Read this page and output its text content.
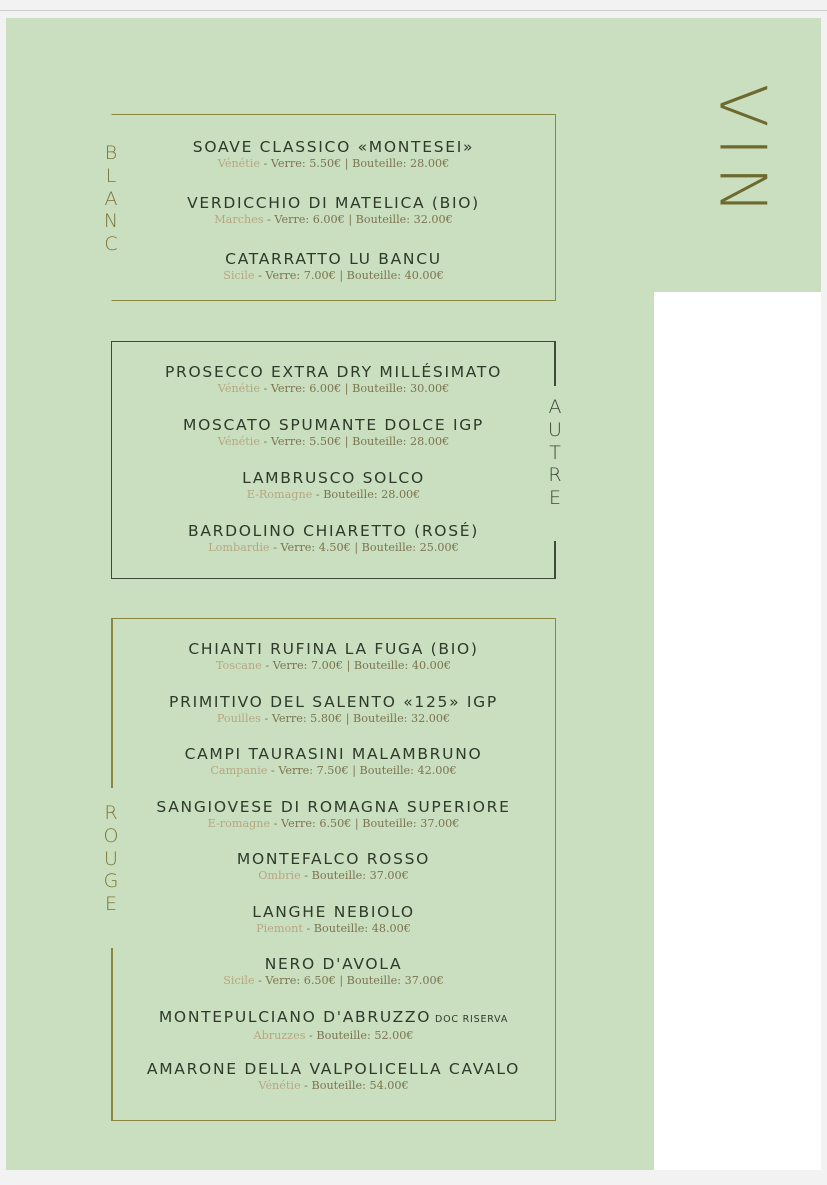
B
L
A
N
C
SOAVE CLASSICO «MONTESEI»
Vénétie - Verre: 5.50€ | Bouteille: 28.00€
VERDICCHIO DI MATELICA (BIO)
Marches - Verre: 6.00€ | Bouteille: 32.00€
CATARRATTO LU BANCU
Sicile - Verre: 7.00€ | Bouteille: 40.00€
A
U
T
R
E
PROSECCO EXTRA DRY MILLÉSIMATO
Vénétie - Verre: 6.00€ | Bouteille: 30.00€
MOSCATO SPUMANTE DOLCE IGP
Vénétie - Verre: 5.50€ | Bouteille: 28.00€
LAMBRUSCO SOLCO
E-Romagne - Bouteille: 28.00€
BARDOLINO CHIARETTO (ROSÉ)
Lombardie - Verre: 4.50€ | Bouteille: 25.00€
R
O
U
G
E
CHIANTI RUFINA LA FUGA (BIO)
Toscane - Verre: 7.00€ | Bouteille: 40.00€
PRIMITIVO DEL SALENTO «125» IGP
Pouilles - Verre: 5.80€ | Bouteille: 32.00€
CAMPI TAURASINI MALAMBRUNO
Campanie - Verre: 7.50€ | Bouteille: 42.00€
SANGIOVESE DI ROMAGNA SUPERIORE
E-romagne - Verre: 6.50€ | Bouteille: 37.00€
MONTEFALCO ROSSO
Ombrie - Bouteille: 37.00€
LANGHE NEBIOLO
Piemont - Bouteille: 48.00€
NERO D'AVOLA
Sicile - Verre: 6.50€ | Bouteille: 37.00€
MONTEPULCIANO D'ABRUZZO DOC RISERVA
Abruzzes - Bouteille: 52.00€
AMARONE DELLA VALPOLICELLA CAVALO
Vénétie - Bouteille: 54.00€
VIN
